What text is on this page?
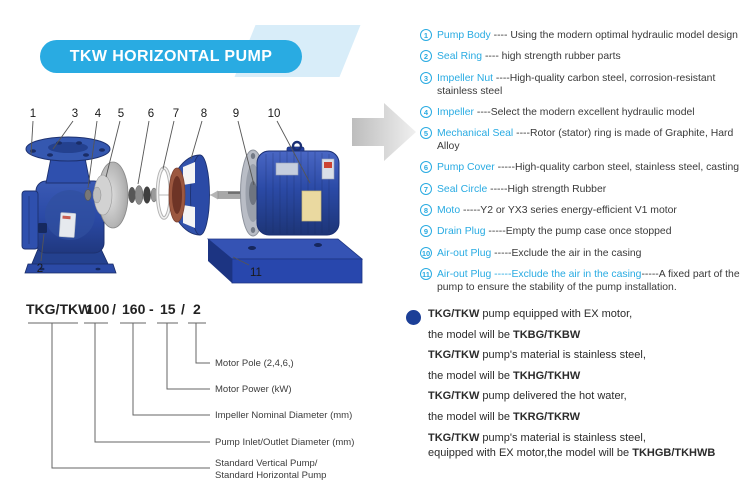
TKW HORIZONTAL PUMP
1
2
3 4 5 6 7 8 9 10
11
1 Pump Body ---- Using the modern optimal hydraulic model design
2 Seal Ring ---- high strength rubber parts
3 Impeller Nut ----High-quality carbon steel, corrosion-resistant stainless steel
4 Impeller ----Select the modern excellent hydraulic model
5 Mechanical Seal ----Rotor (stator) ring is made of Graphite, Hard Alloy
6 Pump Cover -----High-quality carbon steel, stainless steel, casting
7 Seal Circle -----High strength Rubber
8 Moto -----Y2 or YX3 series energy-efficient V1 motor
9 Drain Plug -----Empty the pump case once stopped
10 Air-out Plug -----Exclude the air in the casing
11 Air-out Plug -----Exclude the air in the casing-----A fixed part of the pump to ensure the stability of the pump installation.
TKG/TKW
100 / 160 - 15 / 2
Motor Pole (2,4,6,)
Motor Power (kW)
Impeller Nominal Diameter (mm)
Pump Inlet/Outlet Diameter (mm)
Standard Vertical Pump/
Standard Horizontal Pump
TKG/TKW pump equipped with EX motor,
the model will be TKBG/TKBW
TKG/TKW pump's material is stainless steel,
the model will be TKHG/TKHW
TKG/TKW pump delivered the hot water,
the model will be TKRG/TKRW
TKG/TKW pump's material is stainless steel,
equipped with EX motor,the model will be TKHGB/TKHWB
